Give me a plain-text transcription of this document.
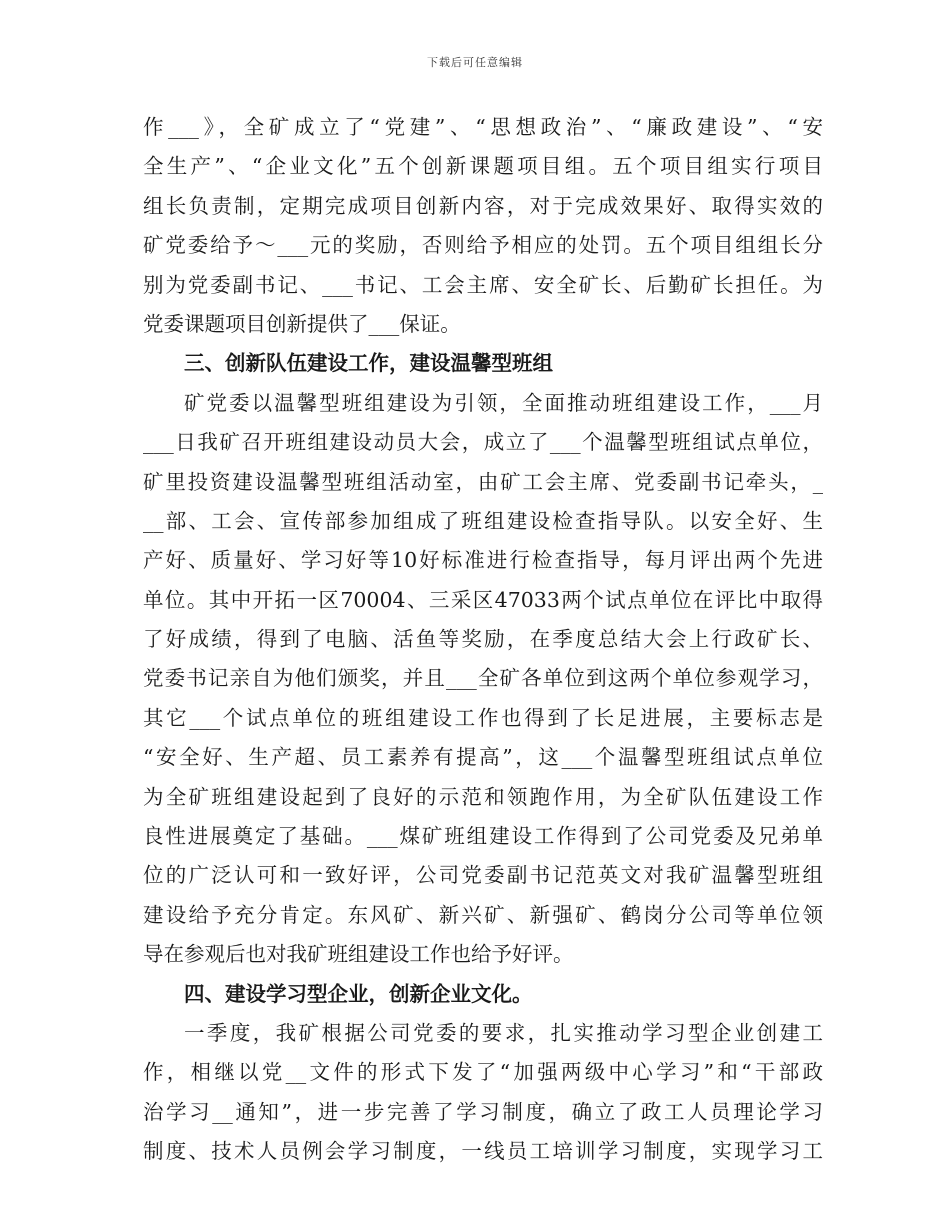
下载后可任意编辑
作___》，全矿成立了“党建”、“思想政治”、“廉政建设”、“安
全生产”、“企业文化”五个创新课题项目组。五个项目组实行项目
组长负责制，定期完成项目创新内容，对于完成效果好、取得实效的
矿党委给予～___元的奖励，否则给予相应的处罚。五个项目组组长分
别为党委副书记、___书记、工会主席、安全矿长、后勤矿长担任。为
党委课题项目创新提供了___保证。
三、创新队伍建设工作，建设温馨型班组
矿党委以温馨型班组建设为引领，全面推动班组建设工作，___月
___日我矿召开班组建设动员大会，成立了___个温馨型班组试点单位，
矿里投资建设温馨型班组活动室，由矿工会主席、党委副书记牵头，_
__部、工会、宣传部参加组成了班组建设检查指导队。以安全好、生
产好、质量好、学习好等10好标准进行检查指导，每月评出两个先进
单位。其中开拓一区70004、三采区47033两个试点单位在评比中取得
了好成绩，得到了电脑、活鱼等奖励，在季度总结大会上行政矿长、
党委书记亲自为他们颁奖，并且___全矿各单位到这两个单位参观学习，
其它___个试点单位的班组建设工作也得到了长足进展，主要标志是
“安全好、生产超、员工素养有提高”，这___个温馨型班组试点单位
为全矿班组建设起到了良好的示范和领跑作用，为全矿队伍建设工作
良性进展奠定了基础。___煤矿班组建设工作得到了公司党委及兄弟单
位的广泛认可和一致好评，公司党委副书记范英文对我矿温馨型班组
建设给予充分肯定。东风矿、新兴矿、新强矿、鹤岗分公司等单位领
导在参观后也对我矿班组建设工作也给予好评。
四、建设学习型企业，创新企业文化。
一季度，我矿根据公司党委的要求，扎实推动学习型企业创建工
作，相继以党__文件的形式下发了“加强两级中心学习”和“干部政
治学习__通知”，进一步完善了学习制度，确立了政工人员理论学习
制度、技术人员例会学习制度，一线员工培训学习制度，实现学习工
